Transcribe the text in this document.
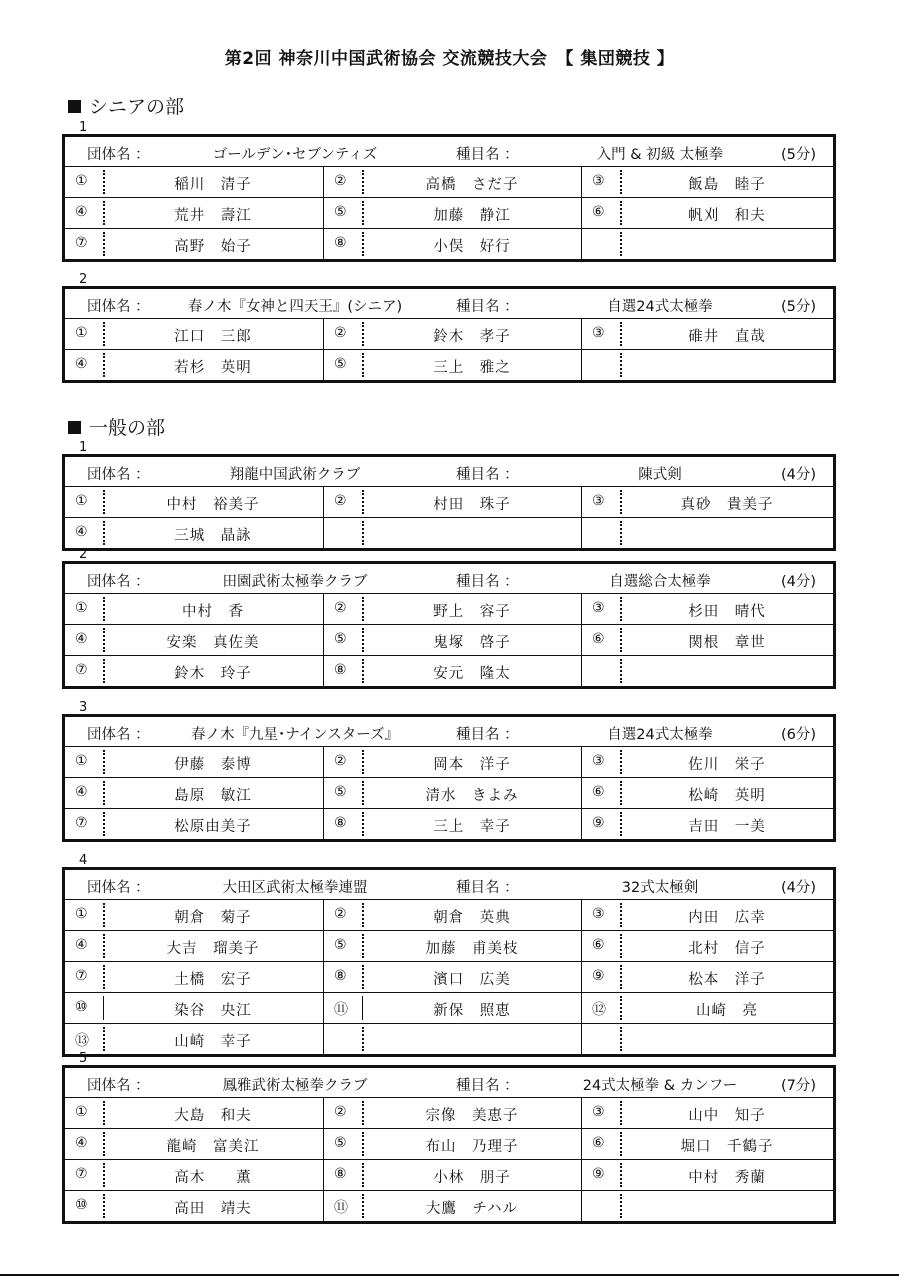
第2回 神奈川中国武術協会 交流競技大会　【 集団競技 】
シニアの部
1
団体名 ：	ゴールデン･セブンティズ	種目名 ：	入門 & 初級 太極拳	(5分)
①	稲川　清子	②	高橋　さだ子	③	飯島　睦子
④	荒井　壽江	⑤	加藤　静江	⑥	帆刈　和夫
⑦	高野　始子	⑧	小俣　好行
2
団体名 ：	春ノ木『女神と四天王』(シニア)	種目名 ：	自選24式太極拳	(5分)
①	江口　三郎	②	鈴木　孝子	③	碓井　直哉
④	若杉　英明	⑤	三上　雅之
一般の部
1
団体名 ：	翔龍中国武術クラブ	種目名 ：	陳式剣	(4分)
①	中村　裕美子	②	村田　珠子	③	真砂　貴美子
④	三城　晶詠
2
団体名 ：	田園武術太極拳クラブ	種目名 ：	自選総合太極拳	(4分)
①	中村　香	②	野上　容子	③	杉田　晴代
④	安楽　真佐美	⑤	鬼塚　啓子	⑥	関根　章世
⑦	鈴木　玲子	⑧	安元　隆太
3
団体名 ：	春ノ木『九星･ナインスターズ』	種目名 ：	自選24式太極拳	(6分)
①	伊藤　泰博	②	岡本　洋子	③	佐川　栄子
④	島原　敏江	⑤	清水　きよみ	⑥	松崎　英明
⑦	松原由美子	⑧	三上　幸子	⑨	吉田　一美
4
団体名 ：	大田区武術太極拳連盟	種目名 ：	32式太極剣	(4分)
①	朝倉　菊子	②	朝倉　英典	③	内田　広幸
④	大吉　瑠美子	⑤	加藤　甫美枝	⑥	北村　信子
⑦	土橋　宏子	⑧	濱口　広美	⑨	松本　洋子
⑩	染谷　央江	⑪	新保　照恵	⑫	山崎　亮
⑬	山崎　幸子
5
団体名 ：	鳳雅武術太極拳クラブ	種目名 ：	24式太極拳 & カンフー	(7分)
①	大島　和夫	②	宗像　美恵子	③	山中　知子
④	龍崎　富美江	⑤	布山　乃理子	⑥	堀口　千鶴子
⑦	高木　　薫	⑧	小林　朋子	⑨	中村　秀蘭
⑩	高田　靖夫	⑪	大鷹　チハル
